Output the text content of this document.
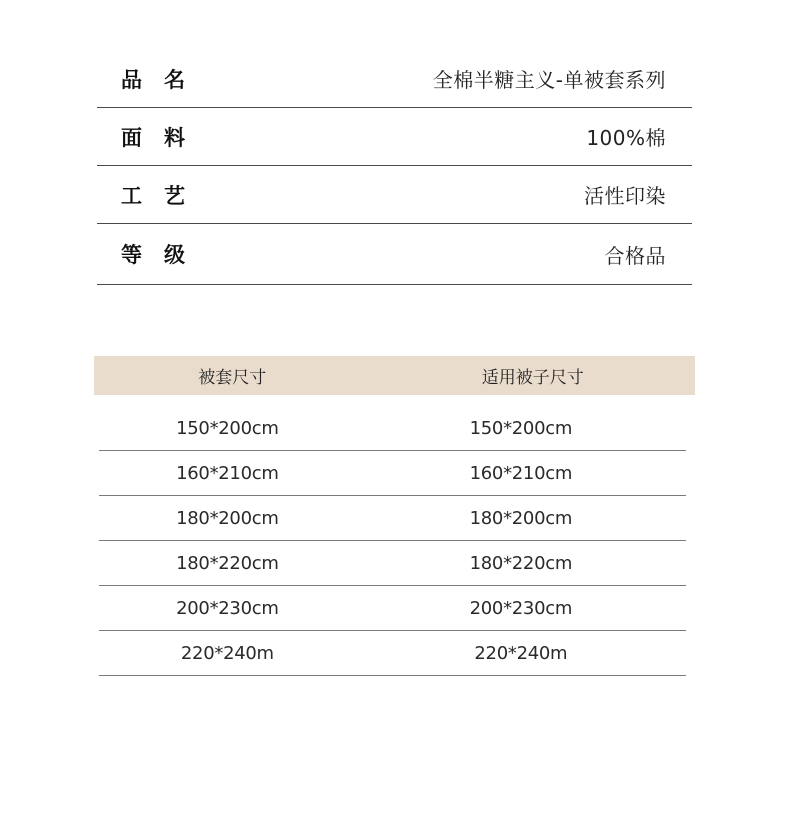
品名	全棉半糖主义-单被套系列
面料	100%棉
工艺	活性印染
等级	合格品
被套尺寸	适用被子尺寸
150*200cm	150*200cm
160*210cm	160*210cm
180*200cm	180*200cm
180*220cm	180*220cm
200*230cm	200*230cm
220*240m	220*240m
